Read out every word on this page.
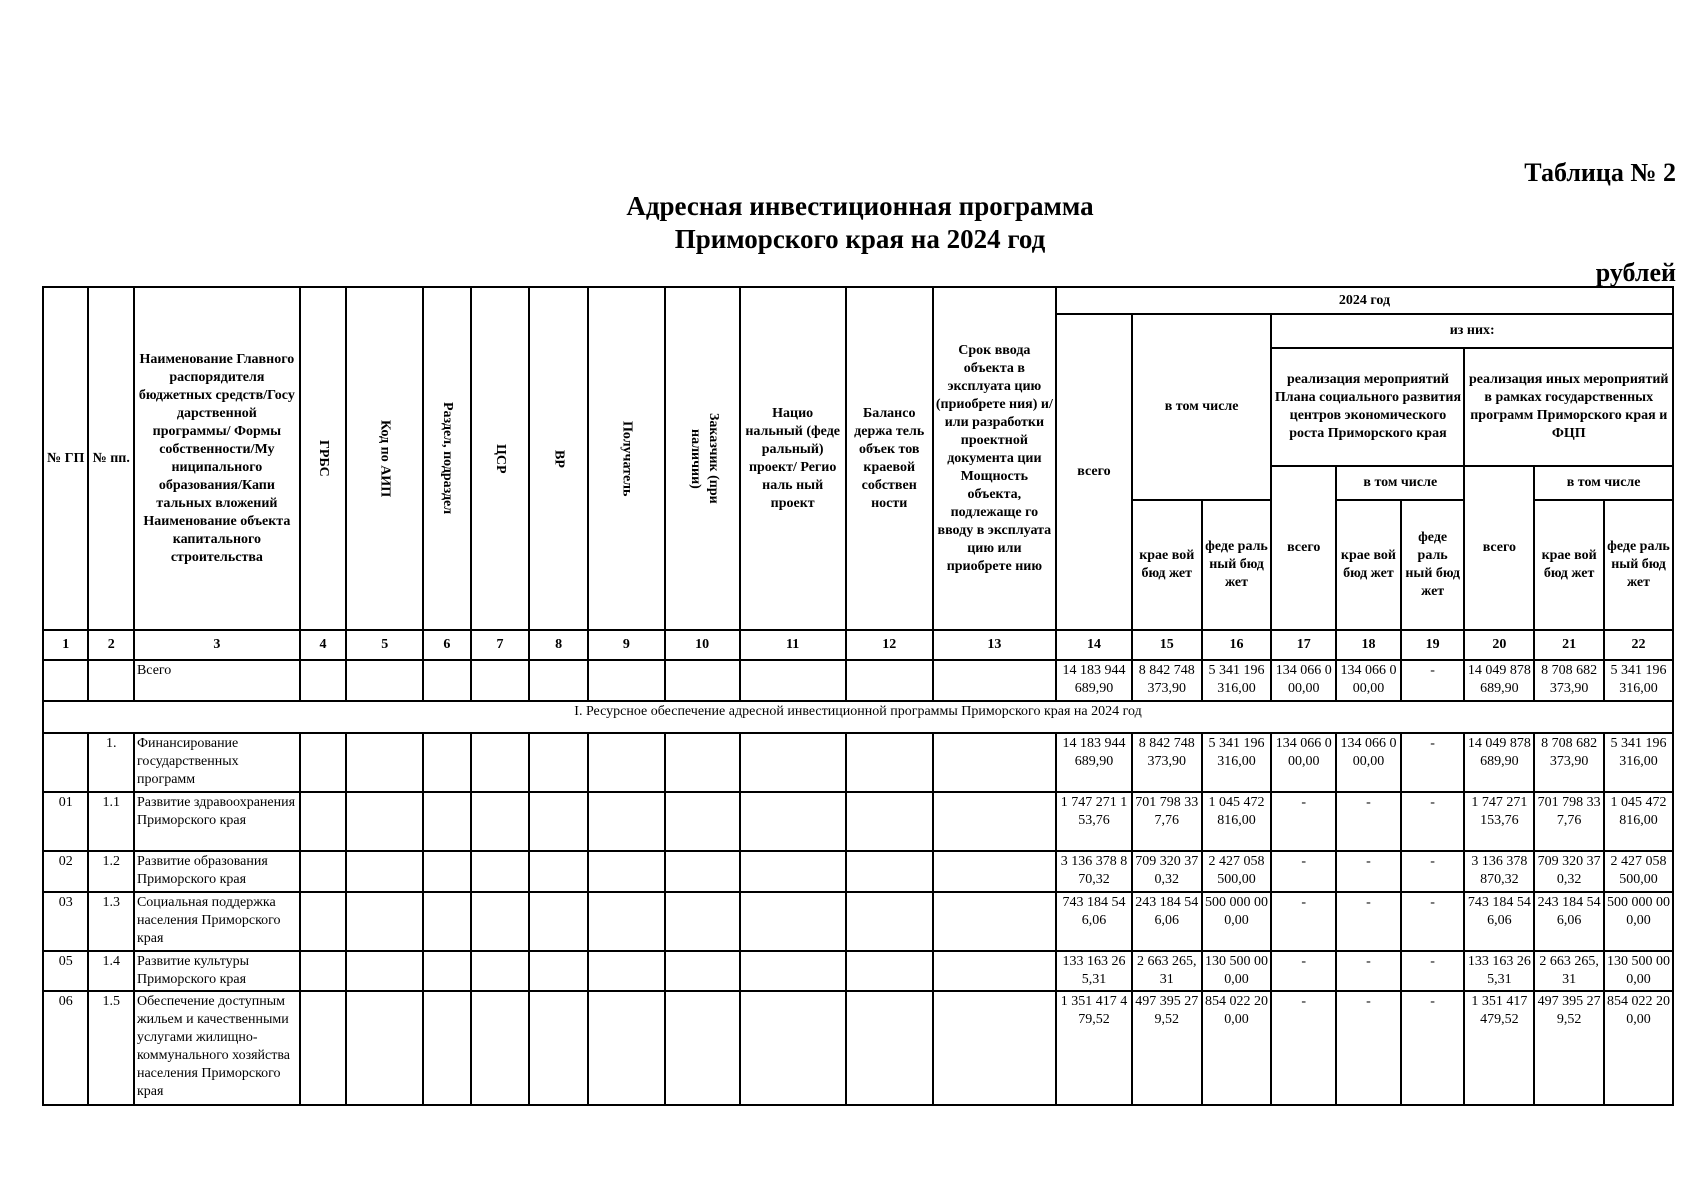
Таблица № 2
Адресная инвестиционная программа
Приморского края на 2024 год
рублей
№ ГП	№ пп.	Наименование Главного распорядителя бюджетных средств/Госу дарственной программы/ Формы собственности/Му ниципального образования/Капи тальных вложений Наименование объекта капитального строительства	ГРБС	Код по АИП	Раздел, подраздел	ЦСР	ВР	Получатель	Заказчик (при наличии)	Нацио нальный (феде ральный) проект/ Регио наль ный проект	Балансо держа тель объек тов краевой собствен ности	Срок ввода объекта в эксплуата цию (приобрете ния) и/или разработки проектной документа ции Мощность объекта, подлежаще го вводу в эксплуата цию или приобрете нию	2024 год								
													всего	в том числе		из них:					
																реализация мероприятий Плана социального развития центров экономического роста Приморского края			реализация иных мероприятий в рамках государственных программ Приморского края и ФЦП		
																всего	в том числе		всего	в том числе	
														крае вой бюд жет	феде раль ный бюд жет		крае вой бюд жет	феде раль ный бюд жет		крае вой бюд жет	феде раль ный бюд жет
1	2	3	4	5	6	7	8	9	10	11	12	13	14	15	16	17	18	19	20	21	22
		Всего											14 183 944 689,90	8 842 748 373,90	5 341 196 316,00	134 066 000,00	134 066 000,00	-	14 049 878 689,90	8 708 682 373,90	5 341 196 316,00
I. Ресурсное обеспечение адресной инвестиционной программы Приморского края на 2024 год																					
	1.	Финансирование государственных программ											14 183 944 689,90	8 842 748 373,90	5 341 196 316,00	134 066 000,00	134 066 000,00	-	14 049 878 689,90	8 708 682 373,90	5 341 196 316,00
01	1.1	Развитие здравоохранения Приморского края											1 747 271 153,76	701 798 337,76	1 045 472 816,00	-	-	-	1 747 271 153,76	701 798 337,76	1 045 472 816,00
02	1.2	Развитие образования Приморского края											3 136 378 870,32	709 320 370,32	2 427 058 500,00	-	-	-	3 136 378 870,32	709 320 370,32	2 427 058 500,00
03	1.3	Социальная поддержка населения Приморского края											743 184 546,06	243 184 546,06	500 000 000,00	-	-	-	743 184 546,06	243 184 546,06	500 000 000,00
05	1.4	Развитие культуры Приморского края											133 163 265,31	2 663 265,31	130 500 000,00	-	-	-	133 163 265,31	2 663 265,31	130 500 000,00
06	1.5	Обеспечение доступным жильем и качественными услугами жилищно-коммунального хозяйства населения Приморского края											1 351 417 479,52	497 395 279,52	854 022 200,00	-	-	-	1 351 417 479,52	497 395 279,52	854 022 200,00
